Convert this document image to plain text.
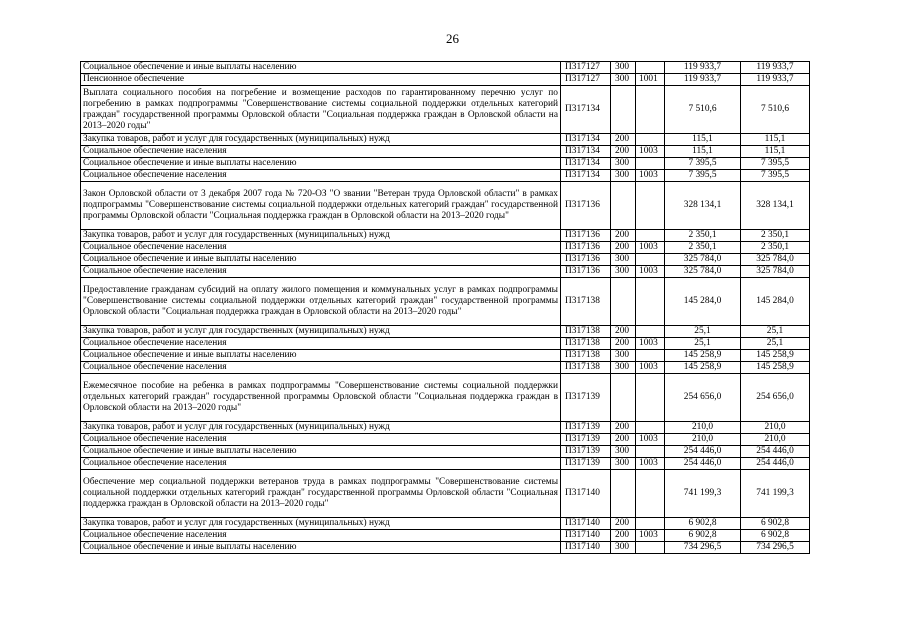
26
Социальное обеспечение и иные выплаты населению	П317127	300		119 933,7	119 933,7
Пенсионное обеспечение	П317127	300	1001	119 933,7	119 933,7
Выплата социального пособия на погребение и возмещение расходов по гарантированному перечню услуг по погребению в рамках подпрограммы "Совершенствование системы социальной поддержки отдельных категорий граждан" государственной программы Орловской области "Социальная поддержка граждан в Орловской области на 2013–2020 годы"	П317134			7 510,6	7 510,6
Закупка товаров, работ и услуг для государственных (муниципальных) нужд	П317134	200		115,1	115,1
Социальное обеспечение населения	П317134	200	1003	115,1	115,1
Социальное обеспечение и иные выплаты населению	П317134	300		7 395,5	7 395,5
Социальное обеспечение населения	П317134	300	1003	7 395,5	7 395,5
Закон Орловской области от 3 декабря 2007 года № 720-ОЗ "О звании "Ветеран труда Орловской области" в рамках подпрограммы "Совершенствование системы социальной поддержки отдельных категорий граждан" государственной программы Орловской области "Социальная поддержка граждан в Орловской области на 2013–2020 годы"	П317136			328 134,1	328 134,1
Закупка товаров, работ и услуг для государственных (муниципальных) нужд	П317136	200		2 350,1	2 350,1
Социальное обеспечение населения	П317136	200	1003	2 350,1	2 350,1
Социальное обеспечение и иные выплаты населению	П317136	300		325 784,0	325 784,0
Социальное обеспечение населения	П317136	300	1003	325 784,0	325 784,0
Предоставление гражданам субсидий на оплату жилого помещения и коммунальных услуг в рамках подпрограммы "Совершенствование системы социальной поддержки отдельных категорий граждан" государственной программы Орловской области "Социальная поддержка граждан в Орловской области на 2013–2020 годы"	П317138			145 284,0	145 284,0
Закупка товаров, работ и услуг для государственных (муниципальных) нужд	П317138	200		25,1	25,1
Социальное обеспечение населения	П317138	200	1003	25,1	25,1
Социальное обеспечение и иные выплаты населению	П317138	300		145 258,9	145 258,9
Социальное обеспечение населения	П317138	300	1003	145 258,9	145 258,9
Ежемесячное пособие на ребенка в рамках подпрограммы "Совершенствование системы социальной поддержки отдельных категорий граждан" государственной программы Орловской области "Социальная поддержка граждан в Орловской области на 2013–2020 годы"	П317139			254 656,0	254 656,0
Закупка товаров, работ и услуг для государственных (муниципальных) нужд	П317139	200		210,0	210,0
Социальное обеспечение населения	П317139	200	1003	210,0	210,0
Социальное обеспечение и иные выплаты населению	П317139	300		254 446,0	254 446,0
Социальное обеспечение населения	П317139	300	1003	254 446,0	254 446,0
Обеспечение мер социальной поддержки ветеранов труда в рамках подпрограммы "Совершенствование системы социальной поддержки отдельных категорий граждан" государственной программы Орловской области "Социальная поддержка граждан в Орловской области на 2013–2020 годы"	П317140			741 199,3	741 199,3
Закупка товаров, работ и услуг для государственных (муниципальных) нужд	П317140	200		6 902,8	6 902,8
Социальное обеспечение населения	П317140	200	1003	6 902,8	6 902,8
Социальное обеспечение и иные выплаты населению	П317140	300		734 296,5	734 296,5
